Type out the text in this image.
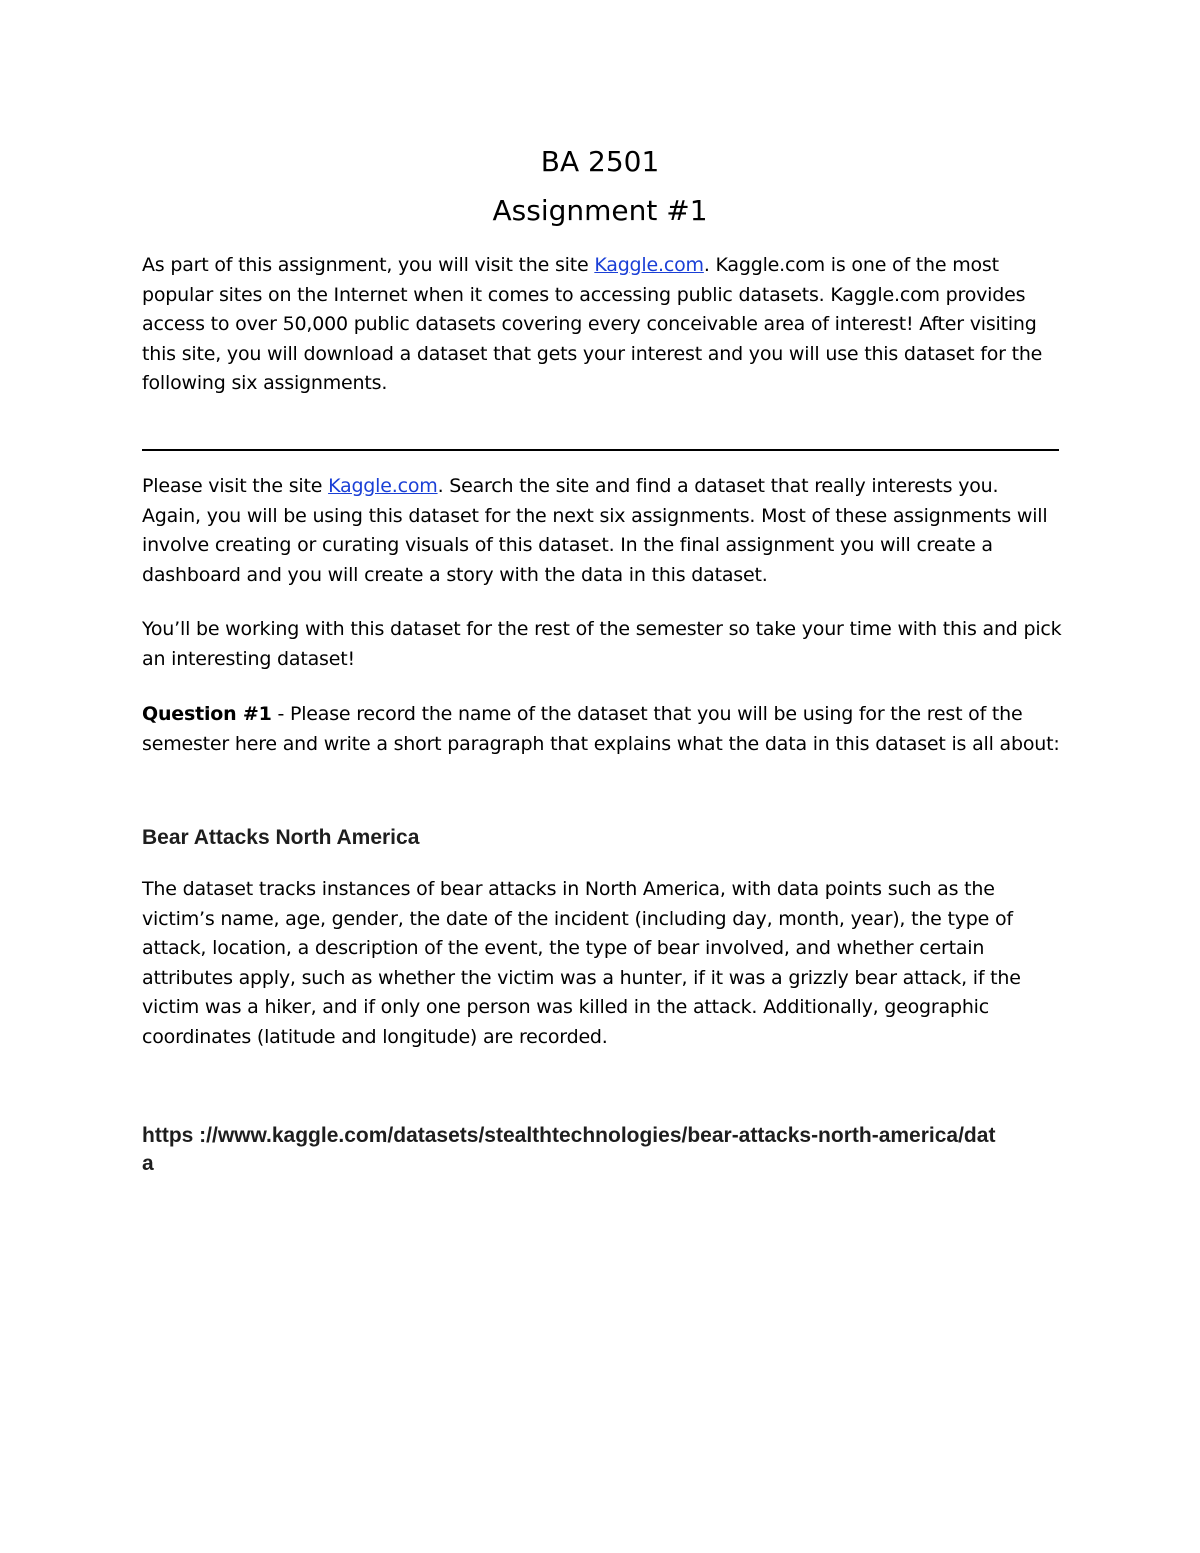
BA 2501
Assignment #1

As part of this assignment, you will visit the site Kaggle.com. Kaggle.com is one of the most popular sites on the Internet when it comes to accessing public datasets. Kaggle.com provides access to over 50,000 public datasets covering every conceivable area of interest! After visiting this site, you will download a dataset that gets your interest and you will use this dataset for the following six assignments.

Please visit the site Kaggle.com. Search the site and find a dataset that really interests you. Again, you will be using this dataset for the next six assignments. Most of these assignments will involve creating or curating visuals of this dataset. In the final assignment you will create a dashboard and you will create a story with the data in this dataset.

You’ll be working with this dataset for the rest of the semester so take your time with this and pick an interesting dataset!

Question #1 - Please record the name of the dataset that you will be using for the rest of the semester here and write a short paragraph that explains what the data in this dataset is all about:

Bear Attacks North America

The dataset tracks instances of bear attacks in North America, with data points such as the victim’s name, age, gender, the date of the incident (including day, month, year), the type of attack, location, a description of the event, the type of bear involved, and whether certain attributes apply, such as whether the victim was a hunter, if it was a grizzly bear attack, if the victim was a hiker, and if only one person was killed in the attack. Additionally, geographic coordinates (latitude and longitude) are recorded.

https ://www.kaggle.com/datasets/stealthtechnologies/bear-attacks-north-america/data
